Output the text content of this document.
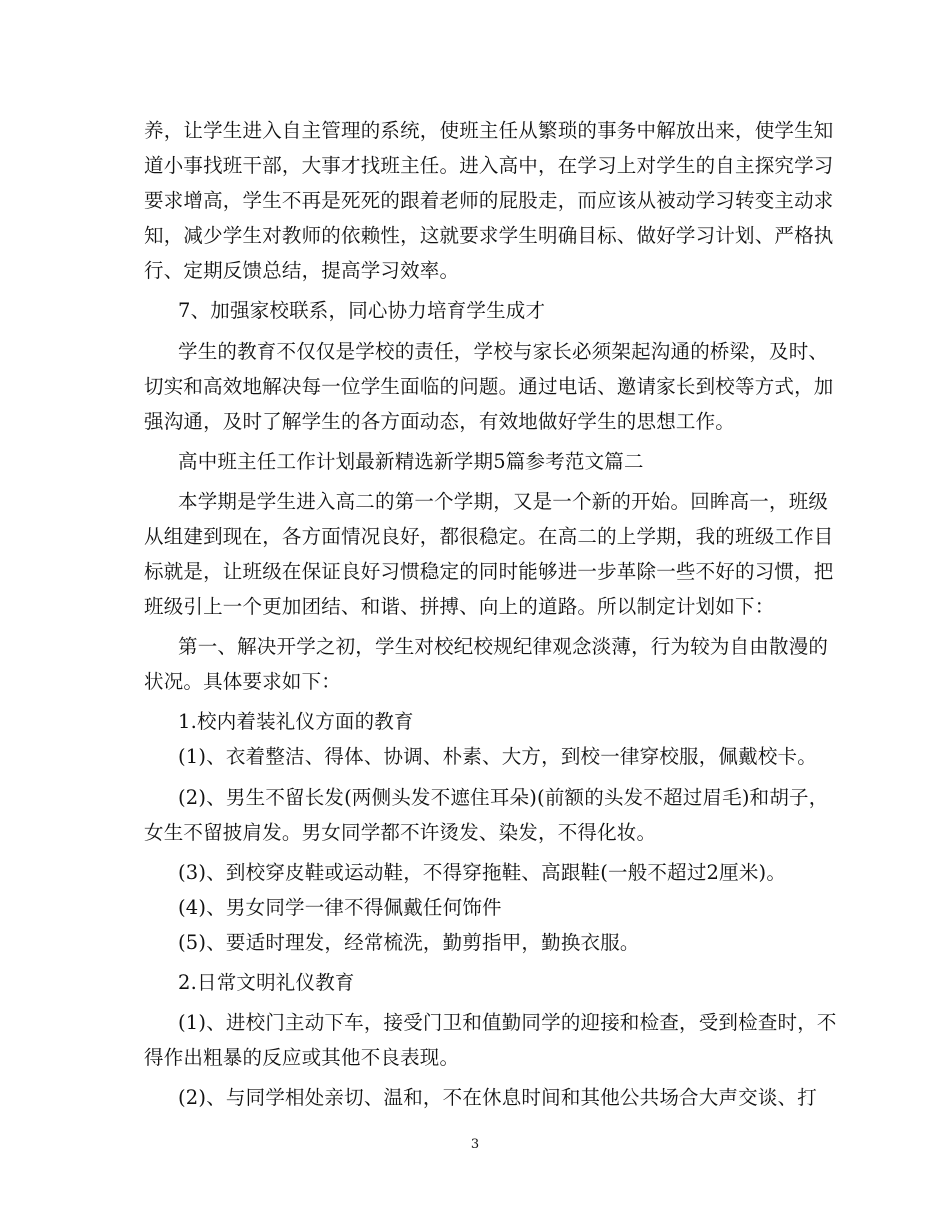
养，让学生进入自主管理的系统，使班主任从繁琐的事务中解放出来，使学生知
道小事找班干部，大事才找班主任。进入高中，在学习上对学生的自主探究学习
要求增高，学生不再是死死的跟着老师的屁股走，而应该从被动学习转变主动求
知，减少学生对教师的依赖性，这就要求学生明确目标、做好学习计划、严格执
行、定期反馈总结，提高学习效率。
7、加强家校联系，同心协力培育学生成才
学生的教育不仅仅是学校的责任，学校与家长必须架起沟通的桥梁，及时、
切实和高效地解决每一位学生面临的问题。通过电话、邀请家长到校等方式，加
强沟通，及时了解学生的各方面动态，有效地做好学生的思想工作。
高中班主任工作计划最新精选新学期5篇参考范文篇二
本学期是学生进入高二的第一个学期，又是一个新的开始。回眸高一，班级
从组建到现在，各方面情况良好，都很稳定。在高二的上学期，我的班级工作目
标就是，让班级在保证良好习惯稳定的同时能够进一步革除一些不好的习惯，把
班级引上一个更加团结、和谐、拼搏、向上的道路。所以制定计划如下：
第一、解决开学之初，学生对校纪校规纪律观念淡薄，行为较为自由散漫的
状况。具体要求如下：
1.校内着装礼仪方面的教育
(1)、衣着整洁、得体、协调、朴素、大方，到校一律穿校服，佩戴校卡。
(2)、男生不留长发(两侧头发不遮住耳朵)(前额的头发不超过眉毛)和胡子，
女生不留披肩发。男女同学都不许烫发、染发，不得化妆。
(3)、到校穿皮鞋或运动鞋，不得穿拖鞋、高跟鞋(一般不超过2厘米)。
(4)、男女同学一律不得佩戴任何饰件
(5)、要适时理发，经常梳洗，勤剪指甲，勤换衣服。
2.日常文明礼仪教育
(1)、进校门主动下车，接受门卫和值勤同学的迎接和检查，受到检查时，不
得作出粗暴的反应或其他不良表现。
(2)、与同学相处亲切、温和，不在休息时间和其他公共场合大声交谈、打
3
